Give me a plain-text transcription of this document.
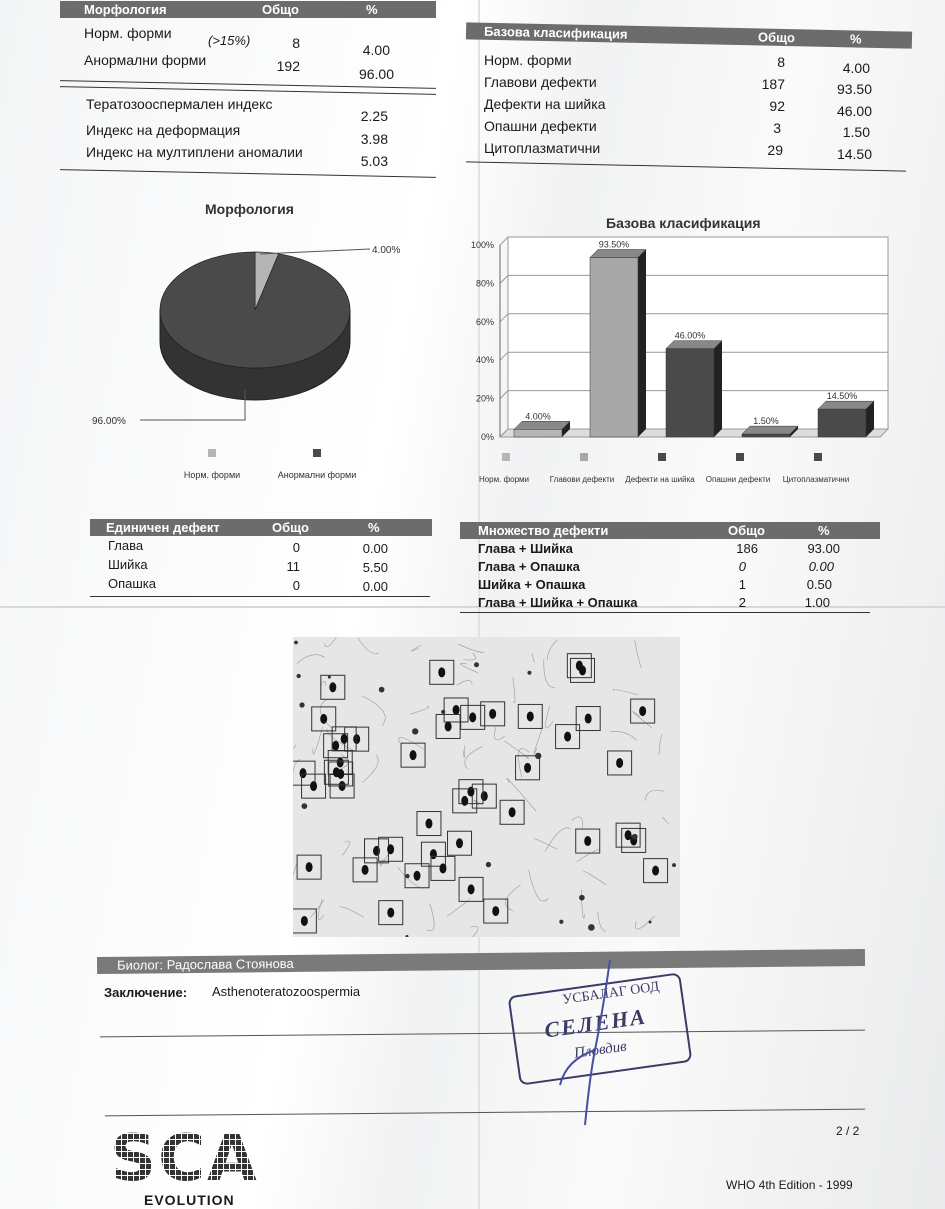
Морфология	Общо	%
Норм. форми	(>15%)	8	4.00
Анормални форми	192	96.00
Тератозооспермален индекс
2.25
Индекс на деформация
3.98
Индекс на мултиплени аномалии
5.03
Базова класификация	Общо	%
Норм. форми	8	4.00
Главови дефекти	187	93.50
Дефекти на шийка	92	46.00
Опашни дефекти	3	1.50
Цитоплазматични	29	14.50
Морфология
4.00%
96.00%
Норм. форми	Анормални форми
Базова класификация
0%
20%
40%
60%
80%
100%
4.00%
Норм. форми
93.50%
Главови дефекти
46.00%
Дефекти на шийка
1.50%
Опашни дефекти
14.50%
Цитоплазматични
Единичен дефект	Общо	%
Глава	0	0.00
Шийка	11	5.50
Опашка	0	0.00
Множество дефекти	Общо	%
Глава + Шийка	186	93.00
Глава + Опашка	0	0.00
Шийка + Опашка	1	0.50
Глава + Шийка + Опашка	2	1.00
Биолог: Радослава Стоянова
Заключение: Asthenoteratozoospermia	УСБАЛАГ ООД
СЕЛЕНА
Пловдив
2 / 2
SCA
EVOLUTION
WHO 4th Edition - 1999
